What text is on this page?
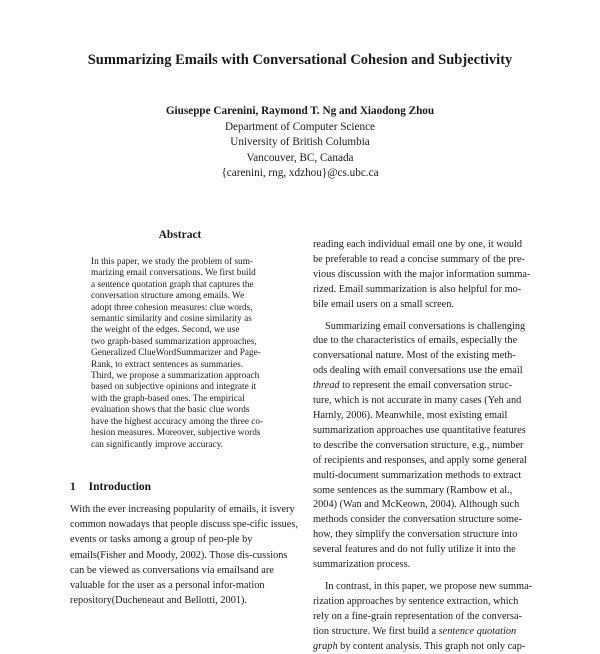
Summarizing Emails with Conversational Cohesion and Subjectivity
Giuseppe Carenini, Raymond T. Ng and Xiaodong Zhou
Department of Computer Science
University of British Columbia
Vancouver, BC, Canada
{carenini, rng, xdzhou}@cs.ubc.ca
Abstract
In this paper, we study the problem of sum-
marizing email conversations. We first build
a sentence quotation graph that captures the
conversation structure among emails. We
adopt three cohesion measures: clue words,
semantic similarity and cosine similarity as
the weight of the edges. Second, we use
two graph-based summarization approaches,
Generalized ClueWordSummarizer and Page-
Rank, to extract sentences as summaries.
Third, we propose a summarization approach
based on subjective opinions and integrate it
with the graph-based ones. The empirical
evaluation shows that the basic clue words
have the highest accuracy among the three co-
hesion measures. Moreover, subjective words
can significantly improve accuracy.
1 Introduction
With the ever increasing popularity of emails, it isvery common nowadays that people discuss spe-cific issues, events or tasks among a group of peo-ple by emails(Fisher and Moody, 2002). Those dis-cussions can be viewed as conversations via emailsand are valuable for the user as a personal infor-mation repository(Ducheneaut and Bellotti, 2001).
reading each individual email one by one, it would
be preferable to read a concise summary of the pre-
vious discussion with the major information summa-
rized. Email summarization is also helpful for mo-
bile email users on a small screen.
Summarizing email conversations is challenging
due to the characteristics of emails, especially the
conversational nature. Most of the existing meth-
ods dealing with email conversations use the email
thread to represent the email conversation struc-
ture, which is not accurate in many cases (Yeh and
Harnly, 2006). Meanwhile, most existing email
summarization approaches use quantitative features
to describe the conversation structure, e.g., number
of recipients and responses, and apply some general
multi-document summarization methods to extract
some sentences as the summary (Rambow et al.,
2004) (Wan and McKeown, 2004). Although such
methods consider the conversation structure some-
how, they simplify the conversation structure into
several features and do not fully utilize it into the
summarization process.
In contrast, in this paper, we propose new summa-
rization approaches by sentence extraction, which
rely on a fine-grain representation of the conversa-
tion structure. We first build a sentence quotation
graph by content analysis. This graph not only cap-
